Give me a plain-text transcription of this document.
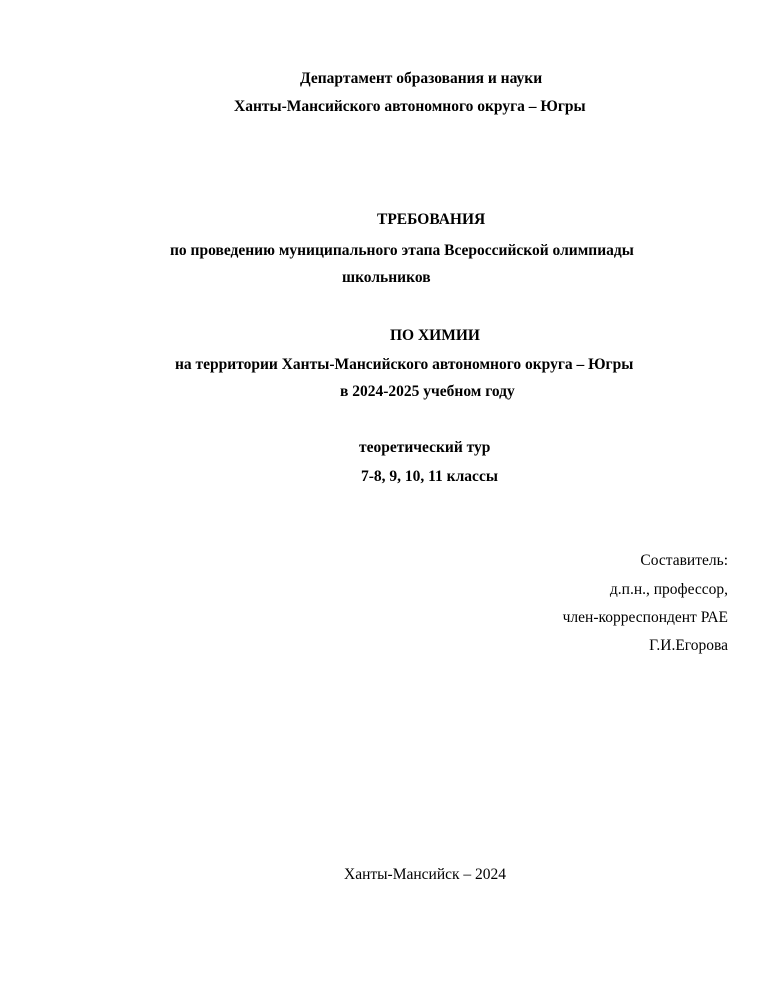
Департамент образования и науки
Ханты-Мансийского автономного округа – Югры
ТРЕБОВАНИЯ
по проведению муниципального этапа Всероссийской олимпиады
школьников
ПО ХИМИИ
на территории Ханты-Мансийского автономного округа – Югры
в 2024-2025 учебном году
теоретический тур
7-8, 9, 10, 11 классы
Составитель:
д.п.н., профессор,
член-корреспондент РАЕ
Г.И.Егорова
Ханты-Мансийск – 2024
